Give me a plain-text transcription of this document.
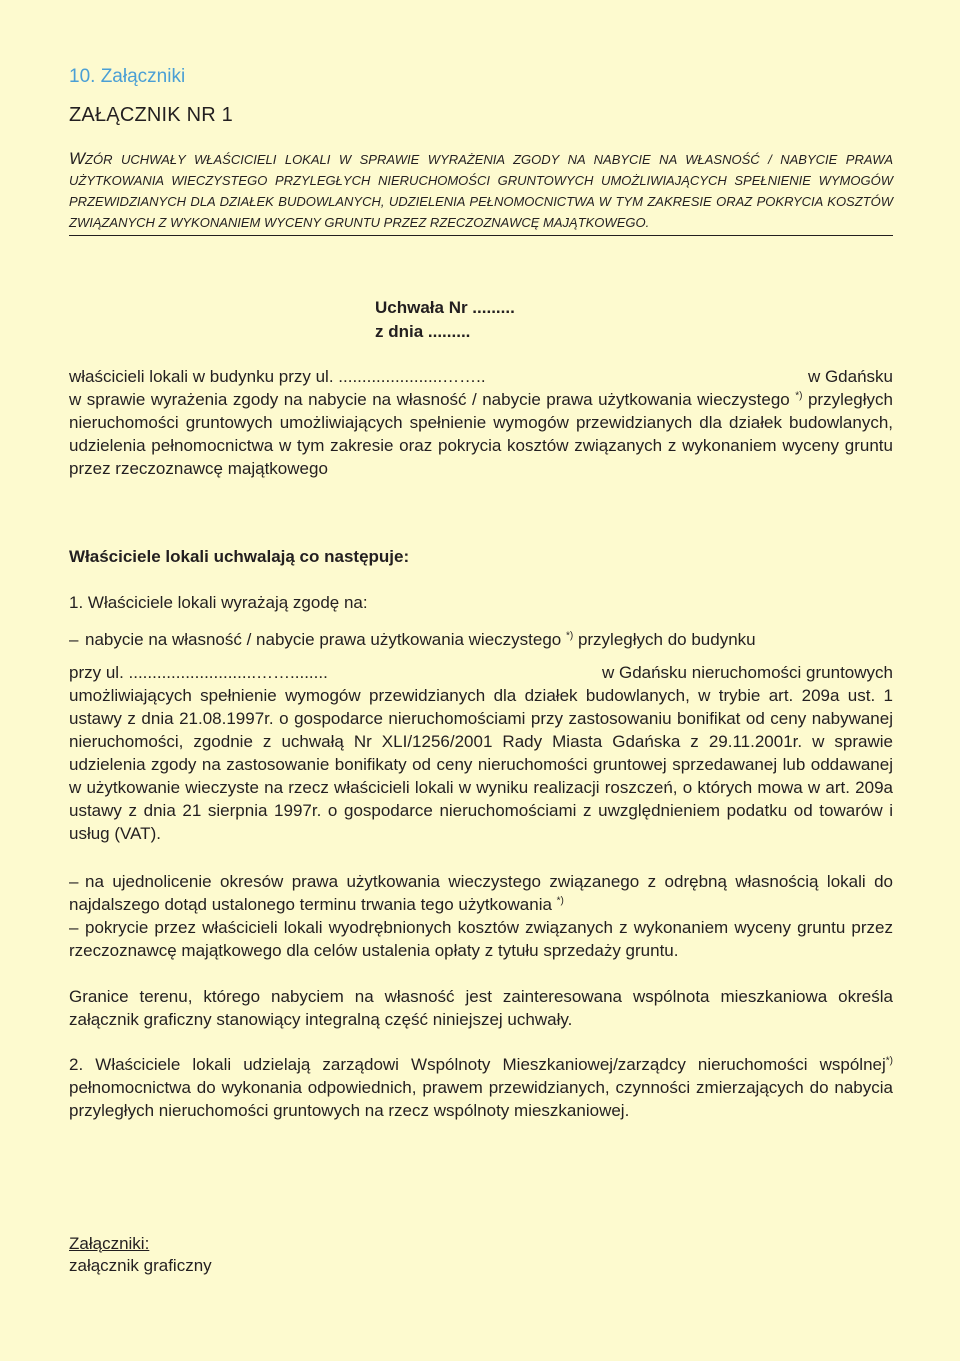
10. Załączniki
ZAŁĄCZNIK NR 1
WZÓR UCHWAŁY WŁAŚCICIELI LOKALI W SPRAWIE WYRAŻENIA ZGODY NA NABYCIE NA WŁASNOŚĆ / NABYCIE PRAWA UŻYTKOWANIA WIECZYSTEGO PRZYLEGŁYCH NIERUCHOMOŚCI GRUNTOWYCH UMOŻLIWIAJĄCYCH SPEŁNIENIE WYMOGÓW PRZEWIDZIANYCH DLA DZIAŁEK BUDOWLANYCH, UDZIELENIA PEŁNOMOCNICTWA W TYM ZAKRESIE ORAZ POKRYCIA KOSZTÓW ZWIĄZANYCH Z WYKONANIEM WYCENY GRUNTU PRZEZ RZECZOZNAWCĘ MAJĄTKOWEGO.
Uchwała Nr .........
z dnia .........
właścicieli lokali w budynku przy ul. ......................……..	w Gdańsku
w sprawie wyrażenia zgody na nabycie na własność / nabycie prawa użytkowania wieczystego *) przyległych nieruchomości gruntowych umożliwiających spełnienie wymogów przewidzianych dla działek budowlanych, udzielenia pełnomocnictwa w tym zakresie oraz pokrycia kosztów związanych z wykonaniem wyceny gruntu przez rzeczoznawcę majątkowego
Właściciele lokali uchwalają co następuje:
1. Właściciele lokali wyrażają zgodę na:
– nabycie na własność / nabycie prawa użytkowania wieczystego *) przyległych do budynku
przy ul. ...........................……........	w Gdańsku nieruchomości gruntowych
umożliwiających spełnienie wymogów przewidzianych dla działek budowlanych, w trybie art. 209a ust. 1 ustawy z dnia 21.08.1997r. o gospodarce nieruchomościami przy zastosowaniu bonifikat od ceny nabywanej nieruchomości, zgodnie z uchwałą Nr XLI/1256/2001 Rady Miasta Gdańska z 29.11.2001r. w sprawie udzielenia zgody na zastosowanie bonifikaty od ceny nieruchomości gruntowej sprzedawanej lub oddawanej w użytkowanie wieczyste na rzecz właścicieli lokali w wyniku realizacji roszczeń, o których mowa w art. 209a ustawy z dnia 21 sierpnia 1997r. o gospodarce nieruchomościami z uwzględnieniem podatku od towarów i usług (VAT).
– na ujednolicenie okresów prawa użytkowania wieczystego związanego z odrębną własnością lokali do najdalszego dotąd ustalonego terminu trwania tego użytkowania *)
– pokrycie przez właścicieli lokali wyodrębnionych kosztów związanych z wykonaniem wyceny gruntu przez rzeczoznawcę majątkowego dla celów ustalenia opłaty z tytułu sprzedaży gruntu.
Granice terenu, którego nabyciem na własność jest zainteresowana wspólnota mieszkaniowa określa załącznik graficzny stanowiący integralną część niniejszej uchwały.
2. Właściciele lokali udzielają zarządowi Wspólnoty Mieszkaniowej/zarządcy nieruchomości wspólnej*) pełnomocnictwa do wykonania odpowiednich, prawem przewidzianych, czynności zmierzających do nabycia przyległych nieruchomości gruntowych na rzecz wspólnoty mieszkaniowej.
Załączniki:
załącznik graficzny
